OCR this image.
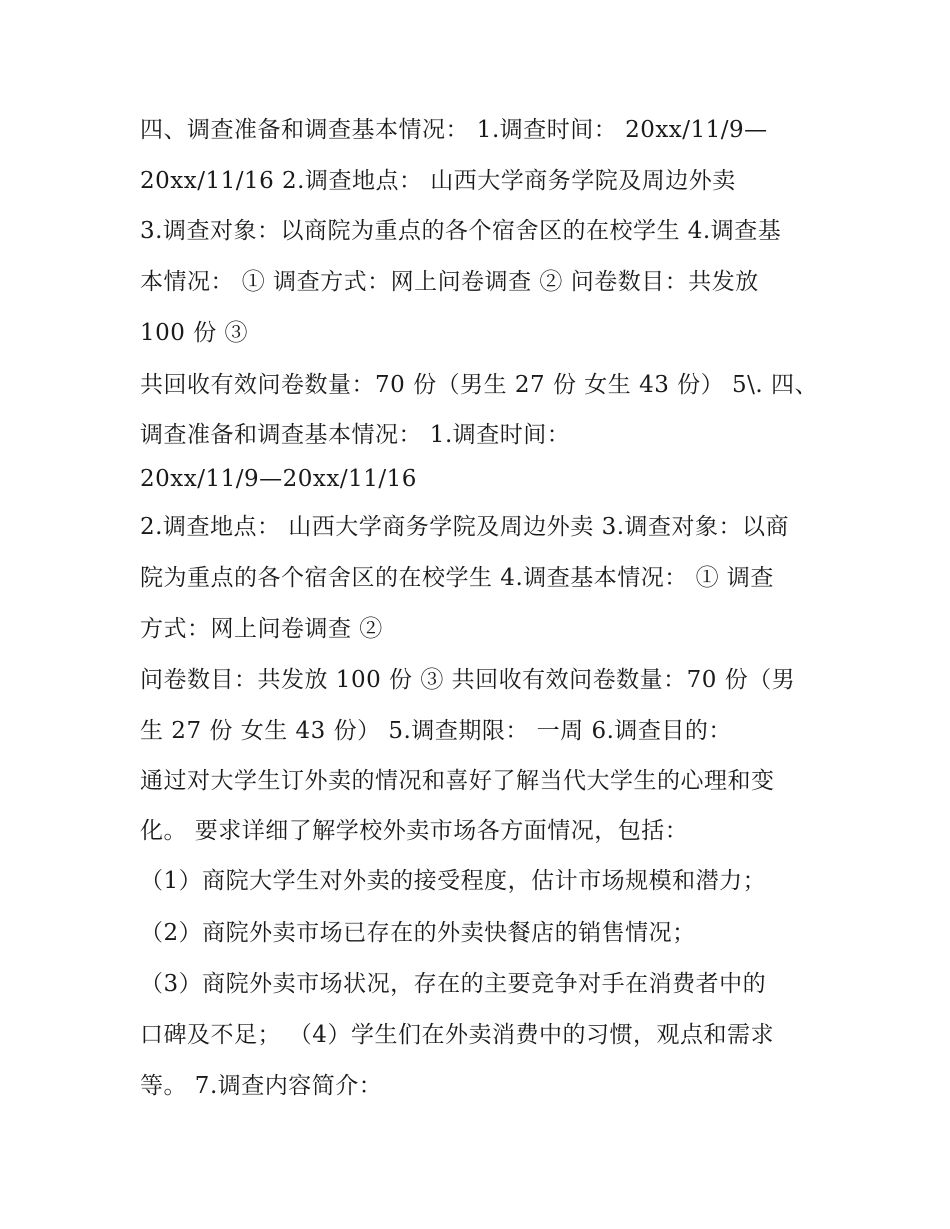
四、调查准备和调查基本情况： 1.调查时间： 20xx/11/9—
20xx/11/16 2.调查地点： 山西大学商务学院及周边外卖
3.调查对象：以商院为重点的各个宿舍区的在校学生 4.调查基
本情况： ① 调查方式：网上问卷调查 ② 问卷数目：共发放
100 份 ③
共回收有效问卷数量：70 份（男生 27 份 女生 43 份） 5\. 四、
调查准备和调查基本情况： 1.调查时间：
20xx/11/9—20xx/11/16
2.调查地点： 山西大学商务学院及周边外卖 3.调查对象：以商
院为重点的各个宿舍区的在校学生 4.调查基本情况： ① 调查
方式：网上问卷调查 ②
问卷数目：共发放 100 份 ③ 共回收有效问卷数量：70 份（男
生 27 份 女生 43 份） 5.调查期限： 一周 6.调查目的：
通过对大学生订外卖的情况和喜好了解当代大学生的心理和变
化。 要求详细了解学校外卖市场各方面情况，包括：
（1）商院大学生对外卖的接受程度，估计市场规模和潜力；
（2）商院外卖市场已存在的外卖快餐店的销售情况；
（3）商院外卖市场状况，存在的主要竞争对手在消费者中的
口碑及不足； （4）学生们在外卖消费中的习惯，观点和需求
等。 7.调查内容简介：
